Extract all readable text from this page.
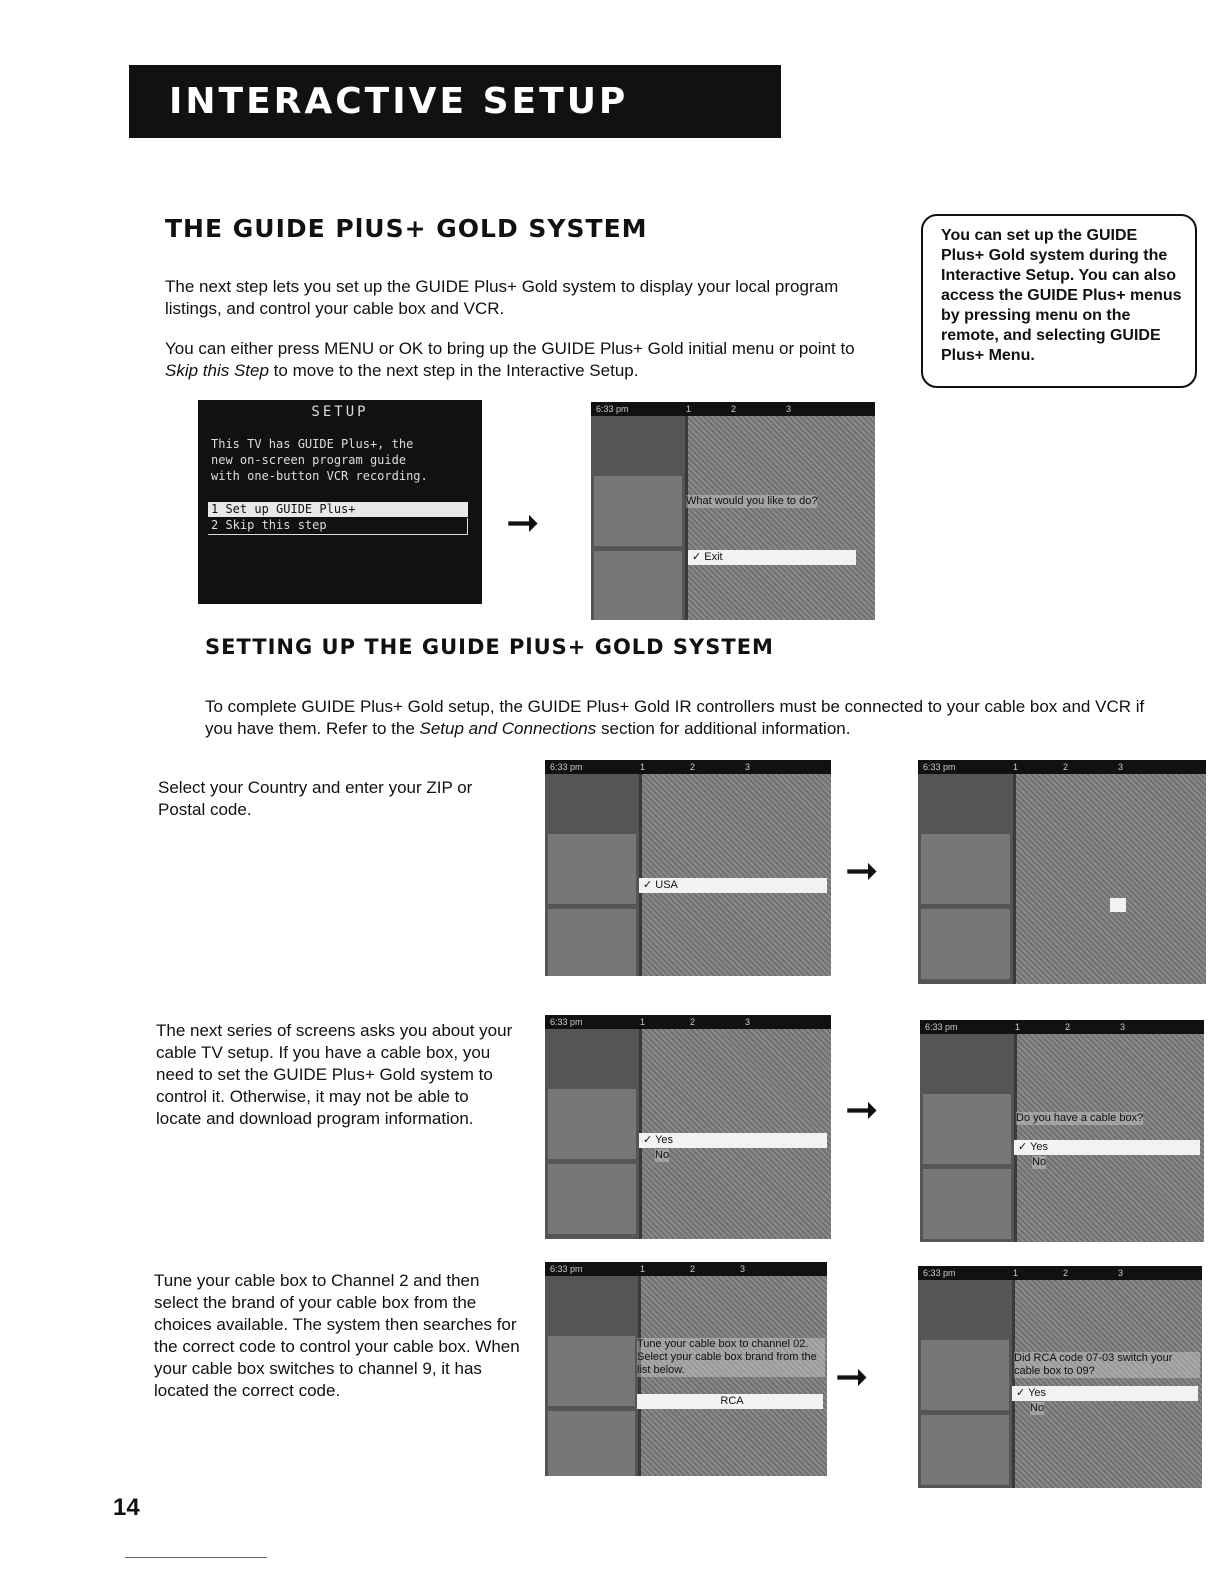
INTERACTIVE SETUP
THE GUIDE PlUS+ GOLD SYSTEM
The next step lets you set up the GUIDE Plus+ Gold system to display your local program listings, and control your cable box and VCR.
You can either press MENU or OK to bring up the GUIDE Plus+ Gold initial menu or point to Skip this Step to move to the next step in the Interactive Setup.
You can set up the GUIDE Plus+ Gold system during the Interactive Setup. You can also access the GUIDE Plus+ menus by pressing menu on the remote, and selecting GUIDE Plus+ Menu.
SETUP
This TV has GUIDE Plus+, the
new on-screen program guide
with one-button VCR recording.
1 Set up GUIDE Plus+
2 Skip this step	➞
6:33 pm	1	2	3
What would you like to do?
✓ Exit
SETTING UP THE GUIDE PlUS+ GOLD SYSTEM
To complete GUIDE Plus+ Gold setup, the GUIDE Plus+ Gold IR controllers must be connected to your cable box and VCR if you have them. Refer to the Setup and Connections section for additional information.
Select your Country and enter your ZIP or Postal code.
6:33 pm	1	2	3
✓ USA	➞
6:33 pm	1	2	3
The next series of screens asks you about your cable TV setup. If you have a cable box, you need to set the GUIDE Plus+ Gold system to control it. Otherwise, it may not be able to locate and download program information.
6:33 pm	1	2	3
✓ Yes
No
➞
6:33 pm	1	2	3
Do you have a cable box?
✓ Yes
No
Tune your cable box to Channel 2 and then select the brand of your cable box from the choices available. The system then searches for the correct code to control your cable box. When your cable box switches to channel 9, it has located the correct code.
6:33 pm	1	2	3
Tune your cable box to channel 02. Select your cable box brand from the list below.
RCA
➞
6:33 pm	1	2	3
Did RCA code 07-03 switch your cable box to 09?
✓ Yes
No
14
